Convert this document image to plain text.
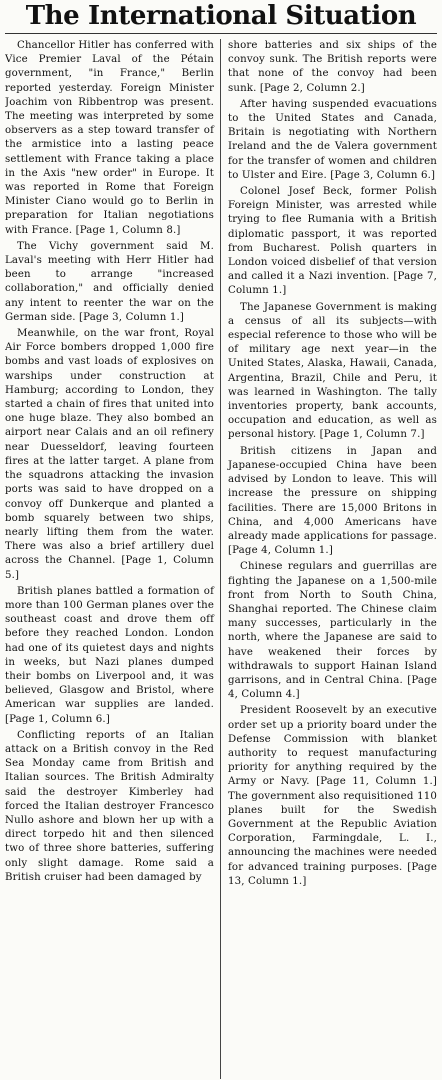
The International Situation

Chancellor Hitler has conferred with Vice Premier Laval of the Pétain government, "in France," Berlin reported yesterday. Foreign Minister Joachim von Ribbentrop was present. The meeting was interpreted by some observers as a step toward transfer of the armistice into a lasting peace settlement with France taking a place in the Axis "new order" in Europe. It was reported in Rome that Foreign Minister Ciano would go to Berlin in preparation for Italian negotiations with France. [Page 1, Column 8.]

The Vichy government said M. Laval's meeting with Herr Hitler had been to arrange "increased collaboration," and officially denied any intent to reenter the war on the German side. [Page 3, Column 1.]

Meanwhile, on the war front, Royal Air Force bombers dropped 1,000 fire bombs and vast loads of explosives on warships under construction at Hamburg; according to London, they started a chain of fires that united into one huge blaze. They also bombed an airport near Calais and an oil refinery near Duesseldorf, leaving fourteen fires at the latter target. A plane from the squadrons attacking the invasion ports was said to have dropped on a convoy off Dunkerque and planted a bomb squarely between two ships, nearly lifting them from the water. There was also a brief artillery duel across the Channel. [Page 1, Column 5.]

British planes battled a formation of more than 100 German planes over the southeast coast and drove them off before they reached London. London had one of its quietest days and nights in weeks, but Nazi planes dumped their bombs on Liverpool and, it was believed, Glasgow and Bristol, where American war supplies are landed. [Page 1, Column 6.]

Conflicting reports of an Italian attack on a British convoy in the Red Sea Monday came from British and Italian sources. The British Admiralty said the destroyer Kimberley had forced the Italian destroyer Francesco Nullo ashore and blown her up with a direct torpedo hit and then silenced two of three shore batteries, suffering only slight damage. Rome said a British cruiser had been damaged by

shore batteries and six ships of the convoy sunk. The British reports were that none of the convoy had been sunk. [Page 2, Column 2.]

After having suspended evacuations to the United States and Canada, Britain is negotiating with Northern Ireland and the de Valera government for the transfer of women and children to Ulster and Eire. [Page 3, Column 6.]

Colonel Josef Beck, former Polish Foreign Minister, was arrested while trying to flee Rumania with a British diplomatic passport, it was reported from Bucharest. Polish quarters in London voiced disbelief of that version and called it a Nazi invention. [Page 7, Column 1.]

The Japanese Government is making a census of all its subjects—with especial reference to those who will be of military age next year—in the United States, Alaska, Hawaii, Canada, Argentina, Brazil, Chile and Peru, it was learned in Washington. The tally inventories property, bank accounts, occupation and education, as well as personal history. [Page 1, Column 7.]

British citizens in Japan and Japanese-occupied China have been advised by London to leave. This will increase the pressure on shipping facilities. There are 15,000 Britons in China, and 4,000 Americans have already made applications for passage. [Page 4, Column 1.]

Chinese regulars and guerrillas are fighting the Japanese on a 1,500-mile front from North to South China, Shanghai reported. The Chinese claim many successes, particularly in the north, where the Japanese are said to have weakened their forces by withdrawals to support Hainan Island garrisons, and in Central China. [Page 4, Column 4.]

President Roosevelt by an executive order set up a priority board under the Defense Commission with blanket authority to request manufacturing priority for anything required by the Army or Navy. [Page 11, Column 1.] The government also requisitioned 110 planes built for the Swedish Government at the Republic Aviation Corporation, Farmingdale, L. I., announcing the machines were needed for advanced training purposes. [Page 13, Column 1.]
